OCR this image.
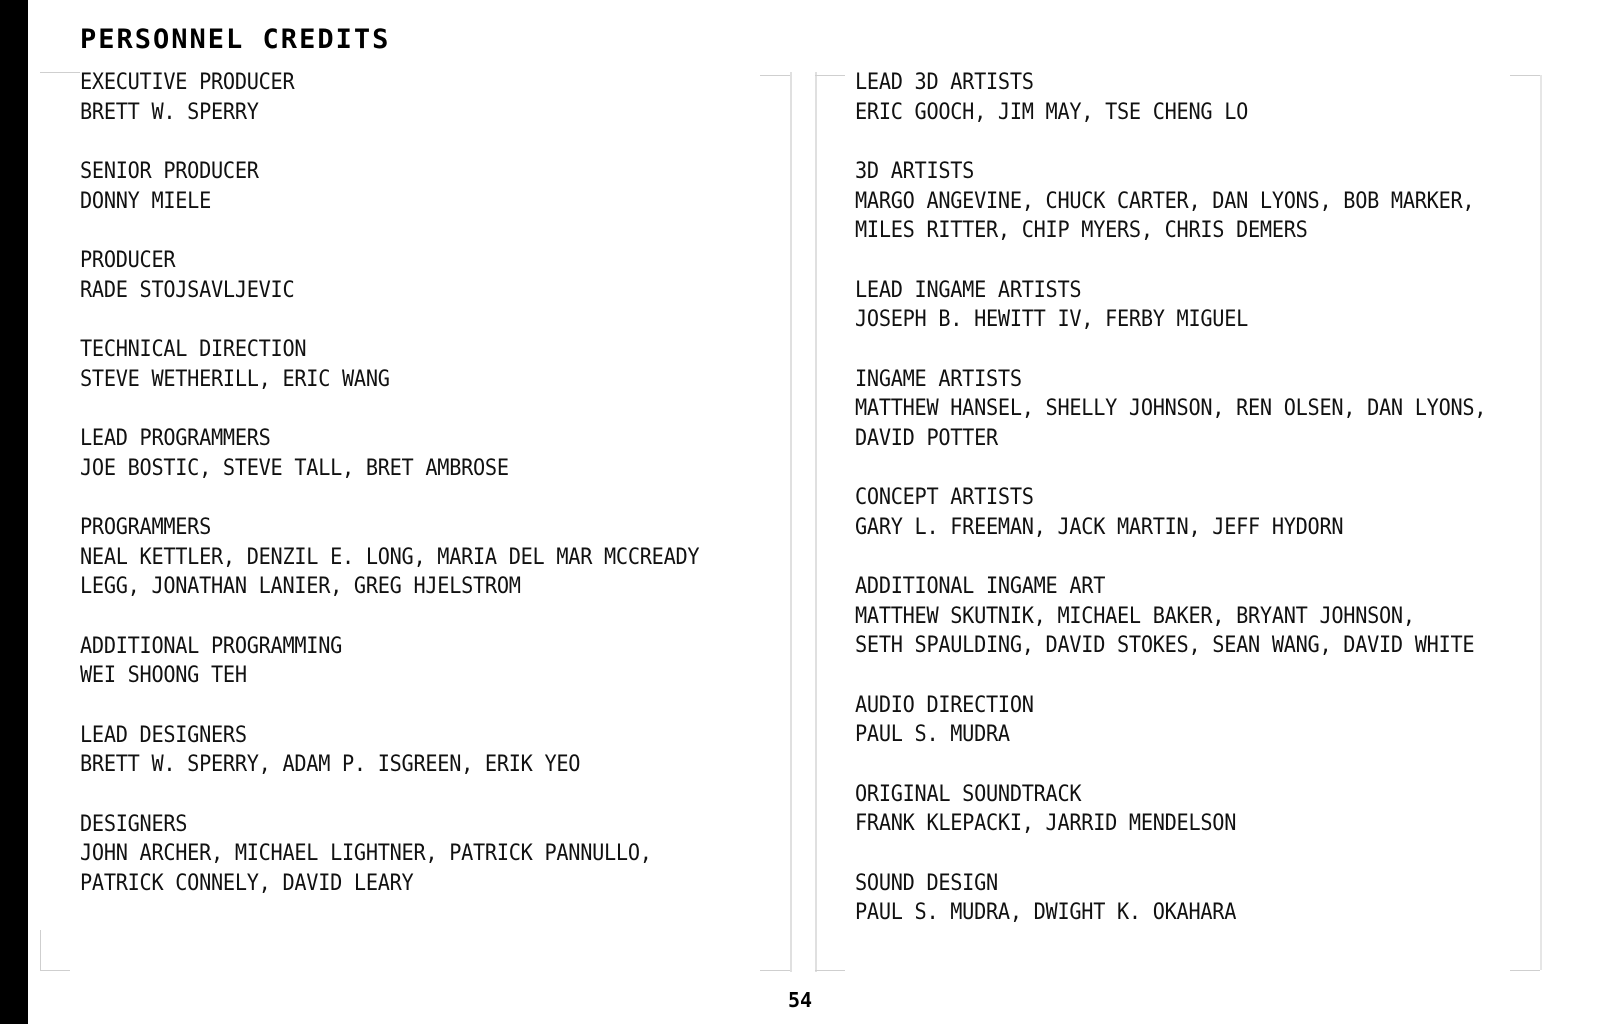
PERSONNEL CREDITS
EXECUTIVE PRODUCER
BRETT W. SPERRY
SENIOR PRODUCER
DONNY MIELE
PRODUCER
RADE STOJSAVLJEVIC
TECHNICAL DIRECTION
STEVE WETHERILL, ERIC WANG
LEAD PROGRAMMERS
JOE BOSTIC, STEVE TALL, BRET AMBROSE
PROGRAMMERS
NEAL KETTLER, DENZIL E. LONG, MARIA DEL MAR MCCREADY
LEGG, JONATHAN LANIER, GREG HJELSTROM
ADDITIONAL PROGRAMMING
WEI SHOONG TEH
LEAD DESIGNERS
BRETT W. SPERRY, ADAM P. ISGREEN, ERIK YEO
DESIGNERS
JOHN ARCHER, MICHAEL LIGHTNER, PATRICK PANNULLO,
PATRICK CONNELY, DAVID LEARY
LEAD 3D ARTISTS
ERIC GOOCH, JIM MAY, TSE CHENG LO
3D ARTISTS
MARGO ANGEVINE, CHUCK CARTER, DAN LYONS, BOB MARKER,
MILES RITTER, CHIP MYERS, CHRIS DEMERS
LEAD INGAME ARTISTS
JOSEPH B. HEWITT IV, FERBY MIGUEL
INGAME ARTISTS
MATTHEW HANSEL, SHELLY JOHNSON, REN OLSEN, DAN LYONS,
DAVID POTTER
CONCEPT ARTISTS
GARY L. FREEMAN, JACK MARTIN, JEFF HYDORN
ADDITIONAL INGAME ART
MATTHEW SKUTNIK, MICHAEL BAKER, BRYANT JOHNSON,
SETH SPAULDING, DAVID STOKES, SEAN WANG, DAVID WHITE
AUDIO DIRECTION
PAUL S. MUDRA
ORIGINAL SOUNDTRACK
FRANK KLEPACKI, JARRID MENDELSON
SOUND DESIGN
PAUL S. MUDRA, DWIGHT K. OKAHARA
54
